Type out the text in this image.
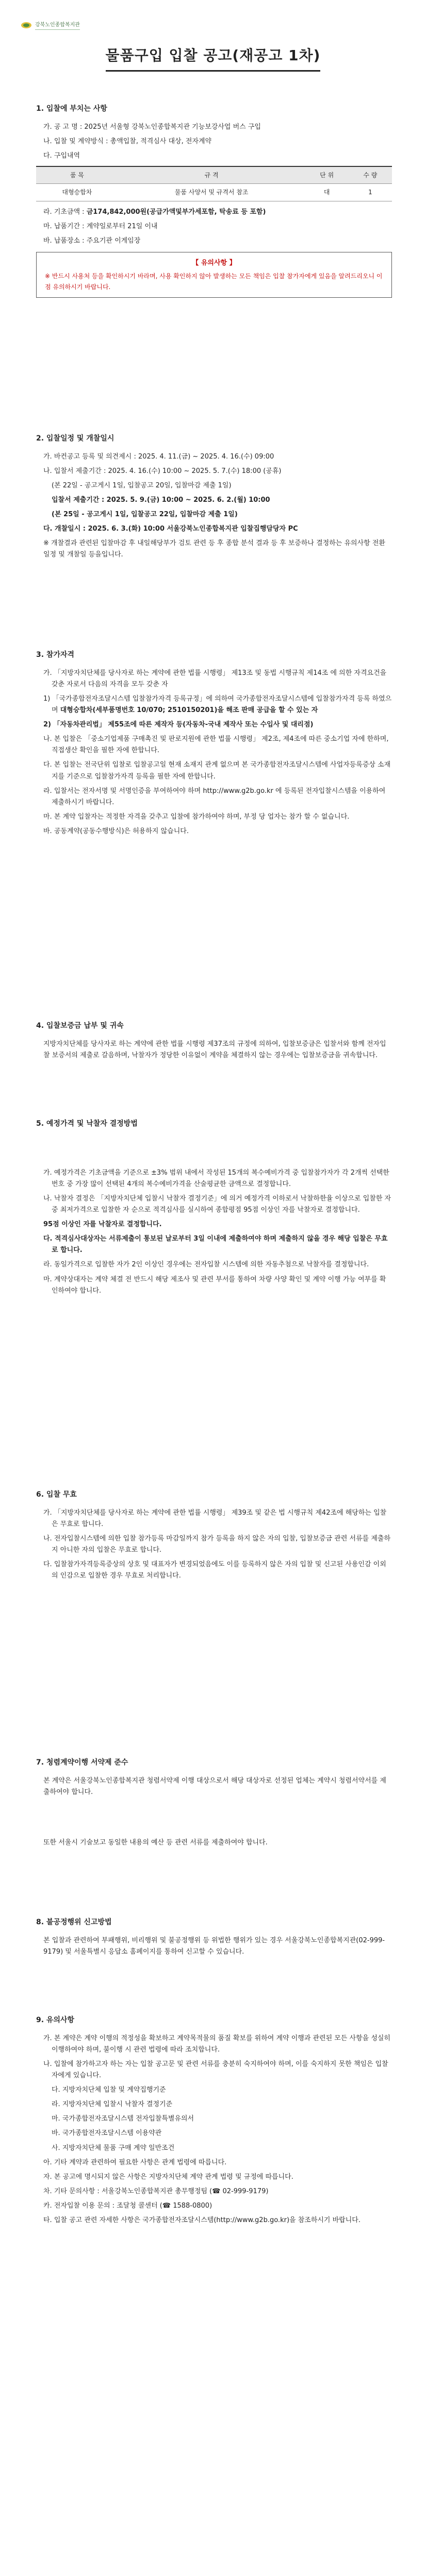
강북노인종합복지관
물품구입 입찰 공고(재공고 1차)
1. 입찰에 부치는 사항
가. 공 고 명 : 2025년 서울형 강북노인종합복지관 기능보강사업 버스 구입
나. 입찰 및 계약방식 : 총액입찰, 적격심사 대상, 전자계약
다. 구입내역
품 목	규 격	단 위	수 량
대형승합차	물품 사양서 및 규격서 참조	대	1
라. 기초금액 : 금174,842,000원(공급가액및부가세포함, 탁송료 등 포함)
마. 납품기간 : 계약일로부터 21일 이내
바. 납품장소 : 주요기관 이게임장
【 유의사항 】
※ 반드시 사용처 등을 확인하시기 바라며, 사용 확인하지 않아 발생하는 모든 책임은 입찰 참가자에게 있음을 알려드리오니 이점 유의하시기 바랍니다.
2. 입찰일정 및 개찰일시
가. 바컨공고 등록 및 의견제시 : 2025. 4. 11.(금) ~ 2025. 4. 16.(수) 09:00
나. 입찰서 제출기간 : 2025. 4. 16.(수) 10:00 ~ 2025. 5. 7.(수) 18:00 (공휴)
(본 22일 - 공고게시 1일, 입찰공고 20일, 입찰마감 제출 1일)
입찰서 제출기간 : 2025. 5. 9.(금) 10:00 ~ 2025. 6. 2.(월) 10:00
(본 25일 - 공고게시 1일, 입찰공고 22일, 입찰마감 제출 1일)
다. 개찰일시 : 2025. 6. 3.(화) 10:00 서울강북노인종합복지관 입찰집행담당자 PC
※ 개찰결과 관련된 입찰마감 후 내일해당부가 검토 관련 등 후 종합 분석 결과 등 후 보증하나 결정하는 유의사항 전환 일정 및 개찰일 등을입니다.
3. 참가자격
가. 「지방자치단체를 당사자로 하는 계약에 관한 법률 시행령」 제13조 및 동법 시행규칙 제14조 에 의한 자격요건을 갖춘 자로서 다음의 자격을 모두 갖춘 자
1) 「국가종합전자조달시스템 입찰참가자격 등록규정」에 의하여 국가종합전자조달시스템에 입찰참가자격 등록 하였으며 대형승합차(세부품명번호 10/070; 2510150201)을 해조 판매 공급을 할 수 있는 자
2) 「자동차관리법」 제55조에 따른 제작자 등(자동차-국내 제작사 또는 수입사 및 대리점)
나. 본 입찰은 「중소기업제품 구매촉진 및 판로지원에 관한 법률 시행령」 제2조, 제4조에 따른 중소기업 자에 한하며, 직접생산 확인을 필한 자에 한합니다.
다. 본 입찰는 전국단위 입찰로 입찰공고일 현재 소재지 관계 없으며 본 국가종합전자조달시스템에 사업자등록증상 소재지를 기준으로 입찰참가자격 등록을 필한 자에 한합니다.
라. 입찰서는 전자서명 및 서명인증을 부여하여야 하며 http://www.g2b.go.kr 에 등록된 전자입찰시스템을 이용하여 제출하시기 바랍니다.
마. 본 계약 입찰자는 적정한 자격을 갖추고 입찰에 참가하여야 하며, 부정 당 업자는 참가 할 수 없습니다.
바. 공동계약(공동수행방식)은 허용하지 않습니다.
4. 입찰보증금 납부 및 귀속
지방자치단체를 당사자로 하는 계약에 관한 법률 시행령 제37조의 규정에 의하여, 입찰보증금은 입찰서와 함께 전자입찰 보증서의 제출로 갈음하며, 낙찰자가 정당한 이유없이 계약을 체결하지 않는 경우에는 입찰보증금을 귀속합니다.
5. 예정가격 및 낙찰자 결정방법
가. 예정가격은 기초금액을 기준으로 ±3% 범위 내에서 작성된 15개의 복수예비가격 중 입찰참가자가 각 2개씩 선택한 번호 중 가장 많이 선택된 4개의 복수예비가격을 산술평균한 금액으로 결정합니다.
나. 낙찰자 결정은 「지방자치단체 입찰시 낙찰자 결정기준」에 의거 예정가격 이하로서 낙찰하한율 이상으로 입찰한 자 중 최저가격으로 입찰한 자 순으로 적격심사를 실시하여 종합평점 95점 이상인 자를 낙찰자로 결정합니다.
95점 이상인 자를 낙찰자로 결정합니다.
다. 적격심사대상자는 서류제출이 통보된 날로부터 3일 이내에 제출하여야 하며 제출하지 않을 경우 해당 입찰은 무효로 합니다.
라. 동일가격으로 입찰한 자가 2인 이상인 경우에는 전자입찰 시스템에 의한 자동추첨으로 낙찰자를 결정합니다.
마. 계약상대자는 계약 체결 전 반드시 해당 제조사 및 관련 부서를 통하여 차량 사양 확인 및 계약 이행 가능 여부를 확인하여야 합니다.
6. 입찰 무효
가. 「지방자치단체를 당사자로 하는 계약에 관한 법률 시행령」 제39조 및 같은 법 시행규칙 제42조에 해당하는 입찰은 무효로 합니다.
나. 전자입찰시스템에 의한 입찰 참가등록 마감일까지 참가 등록을 하지 않은 자의 입찰, 입찰보증금 관련 서류를 제출하지 아니한 자의 입찰은 무효로 합니다.
다. 입찰참가자격등록증상의 상호 및 대표자가 변경되었음에도 이를 등록하지 않은 자의 입찰 및 신고된 사용인감 이외의 인감으로 입찰한 경우 무효로 처리합니다.
7. 청렴계약이행 서약제 준수
본 계약은 서울강북노인종합복지관 청렴서약제 이행 대상으로서 해당 대상자로 선정된 업체는 계약시 청렴서약서를 제출하여야 합니다.
또한 서울시 기술보고 동일한 내용의 예산 등 관련 서류를 제출하여야 합니다.
8. 불공정행위 신고방법
본 입찰과 관련하여 부패행위, 비리행위 및 불공정행위 등 위법한 행위가 있는 경우 서울강북노인종합복지관(02-999-9179) 및 서울특별시 응답소 홈페이지를 통하여 신고할 수 있습니다.
9. 유의사항
가. 본 계약은 계약 이행의 적정성을 확보하고 계약목적물의 품질 확보를 위하여 계약 이행과 관련된 모든 사항을 성실히 이행하여야 하며, 불이행 시 관련 법령에 따라 조치합니다.
나. 입찰에 참가하고자 하는 자는 입찰 공고문 및 관련 서류를 충분히 숙지하여야 하며, 이를 숙지하지 못한 책임은 입찰자에게 있습니다.
다. 지방자치단체 입찰 및 계약집행기준
라. 지방자치단체 입찰시 낙찰자 결정기준
마. 국가종합전자조달시스템 전자입찰특별유의서
바. 국가종합전자조달시스템 이용약관
사. 지방자치단체 물품 구매 계약 일반조건
아. 기타 계약과 관련하여 필요한 사항은 관계 법령에 따릅니다.
자. 본 공고에 명시되지 않은 사항은 지방자치단체 계약 관계 법령 및 규정에 따릅니다.
차. 기타 문의사항 : 서울강북노인종합복지관 총무행정팀 (☎ 02-999-9179)
카. 전자입찰 이용 문의 : 조달청 콜센터 (☎ 1588-0800)
타. 입찰 공고 관련 자세한 사항은 국가종합전자조달시스템(http://www.g2b.go.kr)을 참조하시기 바랍니다.
